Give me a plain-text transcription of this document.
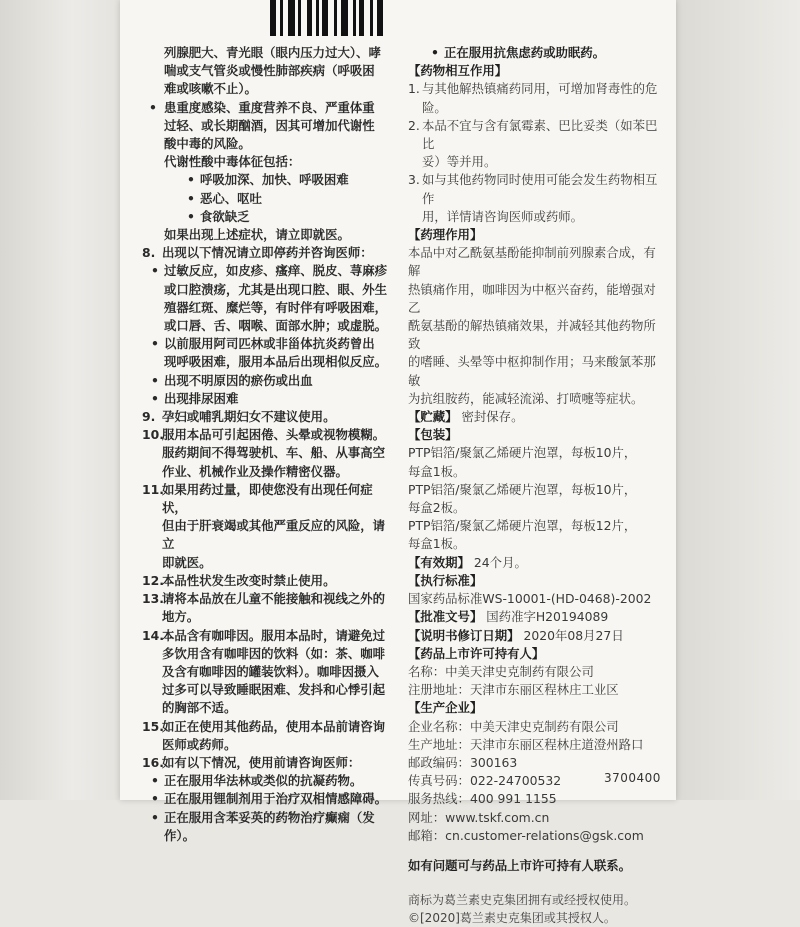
列腺肥大、青光眼（眼内压力过大）、哮
喘或支气管炎或慢性肺部疾病（呼吸困
难或咳嗽不止）。
• 患重度感染、重度营养不良、严重体重
过轻、或长期酗酒，因其可增加代谢性
酸中毒的风险。
代谢性酸中毒体征包括：
• 呼吸加深、加快、呼吸困难
• 恶心、呕吐
• 食欲缺乏
如果出现上述症状，请立即就医。
8. 出现以下情况请立即停药并咨询医师：
• 过敏反应，如皮疹、瘙痒、脱皮、荨麻疹
或口腔溃疡，尤其是出现口腔、眼、外生
殖器红斑、糜烂等，有时伴有呼吸困难，
或口唇、舌、咽喉、面部水肿；或虚脱。
• 以前服用阿司匹林或非甾体抗炎药曾出
现呼吸困难，服用本品后出现相似反应。
• 出现不明原因的瘀伤或出血
• 出现排尿困难
9. 孕妇或哺乳期妇女不建议使用。
10.
服用本品可引起困倦、头晕或视物模糊。
服药期间不得驾驶机、车、船、从事高空
作业、机械作业及操作精密仪器。
11.
如果用药过量，即使您没有出现任何症状，
但由于肝衰竭或其他严重反应的风险，请立
即就医。
12.
本品性状发生改变时禁止使用。
13.
请将本品放在儿童不能接触和视线之外的
地方。
14.
本品含有咖啡因。服用本品时，请避免过
多饮用含有咖啡因的饮料（如：茶、咖啡
及含有咖啡因的罐装饮料）。咖啡因摄入
过多可以导致睡眠困难、发抖和心悸引起
的胸部不适。
15.
如正在使用其他药品，使用本品前请咨询
医师或药师。
16.
如有以下情况，使用前请咨询医师：
• 正在服用华法林或类似的抗凝药物。
• 正在服用锂制剂用于治疗双相情感障碍。
• 正在服用含苯妥英的药物治疗癫痫（发
作）。
• 正在服用抗焦虑药或助眠药。
【药物相互作用】
1. 与其他解热镇痛药同用，可增加肾毒性的危险。
2. 本品不宜与含有氯霉素、巴比妥类（如苯巴比
妥）等并用。
3. 如与其他药物同时使用可能会发生药物相互作
用，详情请咨询医师或药师。
【药理作用】
本品中对乙酰氨基酚能抑制前列腺素合成，有解
热镇痛作用，咖啡因为中枢兴奋药，能增强对乙
酰氨基酚的解热镇痛效果，并减轻其他药物所致
的嗜睡、头晕等中枢抑制作用；马来酸氯苯那敏
为抗组胺药，能减轻流涕、打喷嚏等症状。
【贮藏】 密封保存。
【包装】
PTP铝箔/聚氯乙烯硬片泡罩，每板10片，
每盒1板。
PTP铝箔/聚氯乙烯硬片泡罩，每板10片，
每盒2板。
PTP铝箔/聚氯乙烯硬片泡罩，每板12片，
每盒1板。
【有效期】 24个月。
【执行标准】
国家药品标准WS-10001-(HD-0468)-2002
【批准文号】 国药准字H20194089
【说明书修订日期】 2020年08月27日
【药品上市许可持有人】
名称：中美天津史克制药有限公司
注册地址：天津市东丽区程林庄工业区
【生产企业】
企业名称：中美天津史克制药有限公司
生产地址：天津市东丽区程林庄道澄州路口
邮政编码：300163
传真号码：022-24700532
服务热线：400 991 1155
网址：www.tskf.com.cn
邮箱：cn.customer-relations@gsk.com
如有问题可与药品上市许可持有人联系。
商标为葛兰素史克集团拥有或经授权使用。
©[2020]葛兰素史克集团或其授权人。
3700400
